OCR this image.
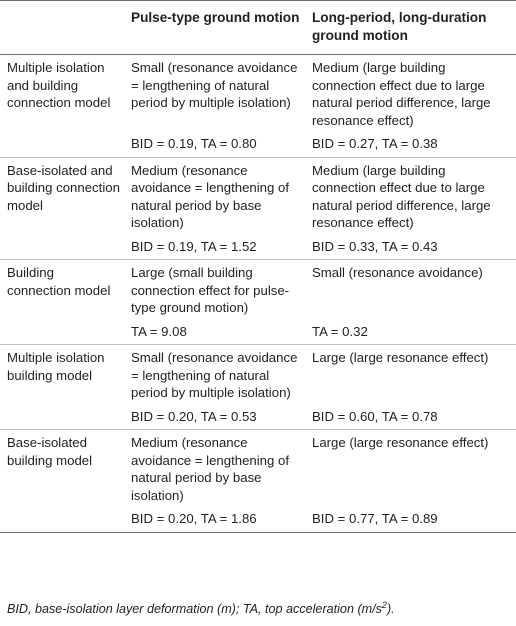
	Pulse-type ground motion	Long-period, long-duration ground motion
Multiple isolation and building connection model	Small (resonance avoidance = lengthening of natural period by multiple isolation)	Medium (large building connection effect due to large natural period difference, large resonance effect)
	BID = 0.19, TA = 0.80	BID = 0.27, TA = 0.38
Base-isolated and building connection model	Medium (resonance avoidance = lengthening of natural period by base isolation)	Medium (large building connection effect due to large natural period difference, large resonance effect)
	BID = 0.19, TA = 1.52	BID = 0.33, TA = 0.43
Building connection model	Large (small building connection effect for pulse-type ground motion)	Small (resonance avoidance)
	TA = 9.08	TA = 0.32
Multiple isolation building model	Small (resonance avoidance = lengthening of natural period by multiple isolation)	Large (large resonance effect)
	BID = 0.20, TA = 0.53	BID = 0.60, TA = 0.78
Base-isolated building model	Medium (resonance avoidance = lengthening of natural period by base isolation)	Large (large resonance effect)
	BID = 0.20, TA = 1.86	BID = 0.77, TA = 0.89
BID, base-isolation layer deformation (m); TA, top acceleration $(m/s^2)$.
